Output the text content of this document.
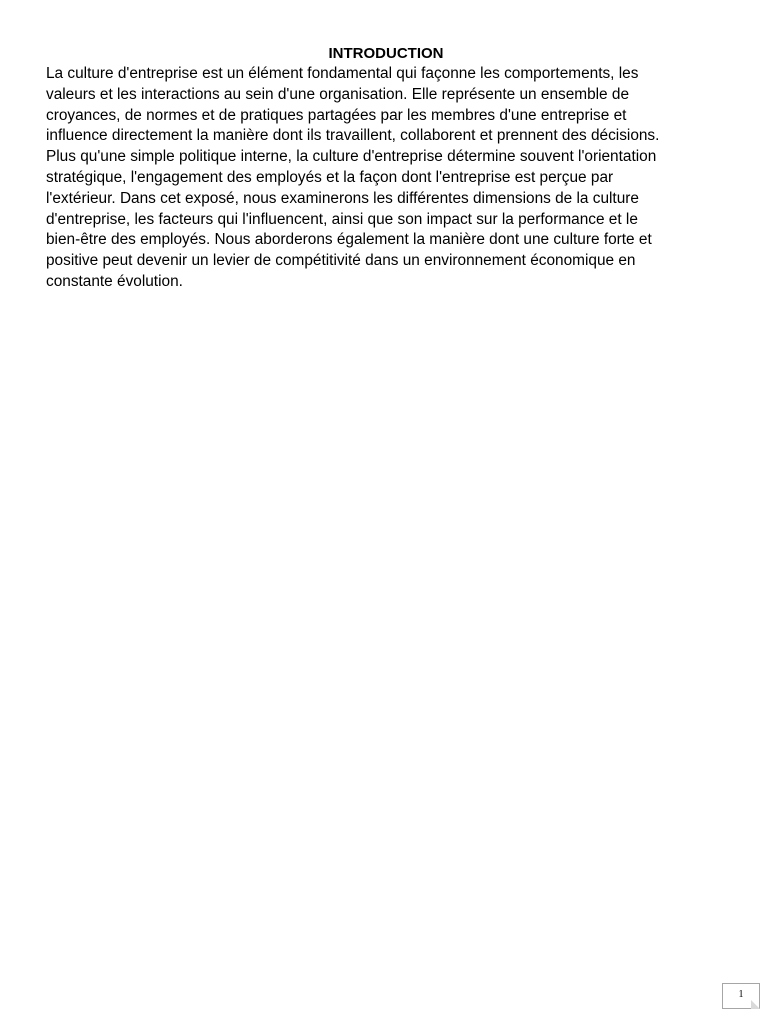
INTRODUCTION

La culture d'entreprise est un élément fondamental qui façonne les comportements, les
valeurs et les interactions au sein d'une organisation. Elle représente un ensemble de
croyances, de normes et de pratiques partagées par les membres d'une entreprise et
influence directement la manière dont ils travaillent, collaborent et prennent des décisions.
Plus qu'une simple politique interne, la culture d'entreprise détermine souvent l'orientation
stratégique, l'engagement des employés et la façon dont l'entreprise est perçue par
l'extérieur. Dans cet exposé, nous examinerons les différentes dimensions de la culture
d'entreprise, les facteurs qui l'influencent, ainsi que son impact sur la performance et le
bien-être des employés. Nous aborderons également la manière dont une culture forte et
positive peut devenir un levier de compétitivité dans un environnement économique en
constante évolution.
1
